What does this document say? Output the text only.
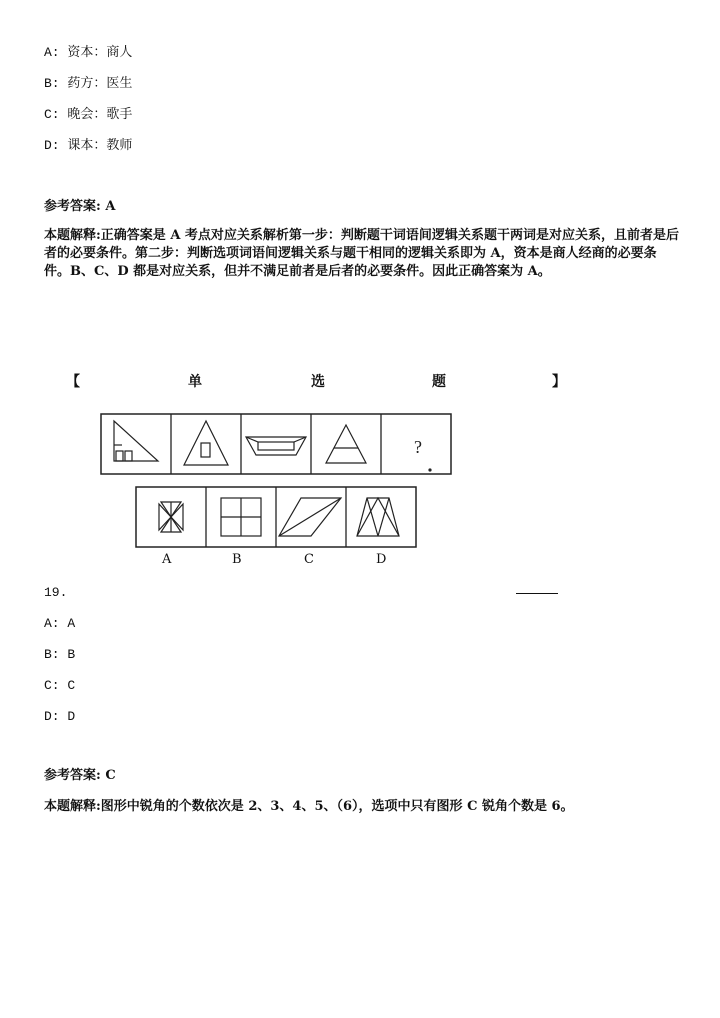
A: 资本：商人
B: 药方：医生
C: 晚会：歌手
D: 课本：教师
参考答案: A
本题解释:正确答案是 A 考点对应关系解析第一步：判断题干词语间逻辑关系题干两词是对应关系，且前者是后者的必要条件。第二步：判断选项词语间逻辑关系与题干相同的逻辑关系即为 A，资本是商人经商的必要条件。B、C、D 都是对应关系，但并不满足前者是后者的必要条件。因此正确答案为 A。
【	单	选	题	】
?
A	B	C	D
19.
A: A
B: B
C: C
D: D
参考答案: C
本题解释:图形中锐角的个数依次是 2、3、4、5、（6），选项中只有图形 C 锐角个数是 6。
